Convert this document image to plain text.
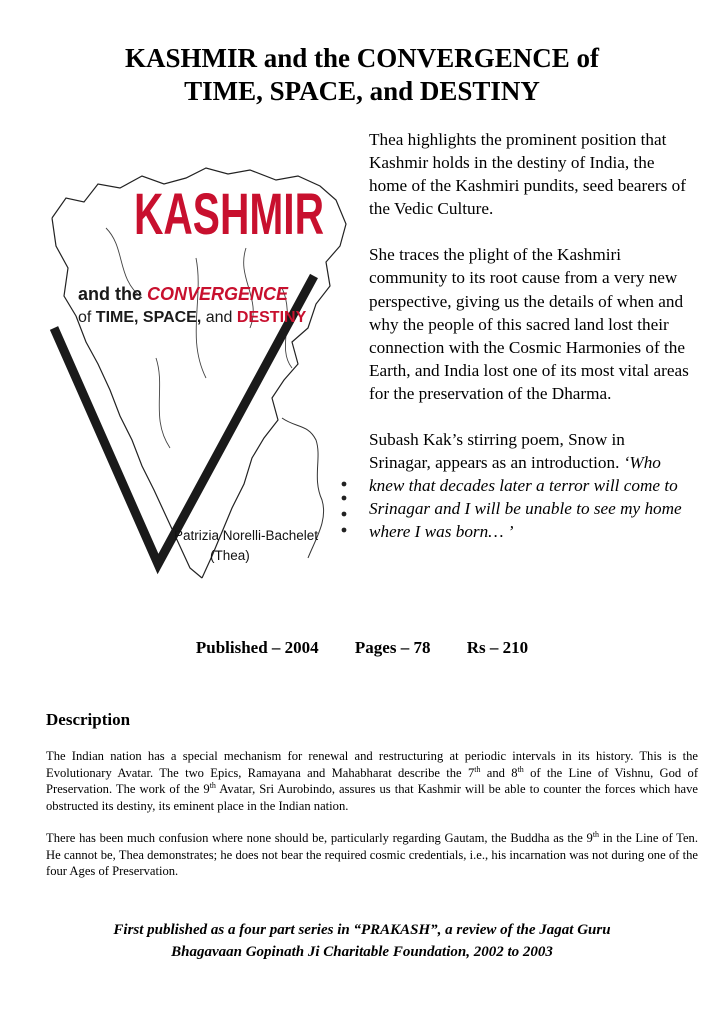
KASHMIR and the CONVERGENCE of
TIME, SPACE, and DESTINY
KASHMIR
and the CONVERGENCE
of TIME, SPACE, and DESTINY
Patrizia Norelli-Bachelet
(Thea)

Thea highlights the prominent position that Kashmir holds in the destiny of India, the home of the Kashmiri pundits, seed bearers of the Vedic Culture.

She traces the plight of the Kashmiri community to its root cause from a very new perspective, giving us the details of when and why the people of this sacred land lost their connection with the Cosmic Harmonies of the Earth, and India lost one of its most vital areas for the preservation of the Dharma.

Subash Kak’s stirring poem, Snow in Srinagar, appears as an introduction. ‘Who knew that decades later a terror will come to Srinagar and I will be unable to see my home where I was born… ’

Published – 2004 Pages – 78 Rs – 210
Description

The Indian nation has a special mechanism for renewal and restructuring at periodic intervals in its history. This is the Evolutionary Avatar. The two Epics, Ramayana and Mahabharat describe the 7th and 8th of the Line of Vishnu, God of Preservation. The work of the 9th Avatar, Sri Aurobindo, assures us that Kashmir will be able to counter the forces which have obstructed its destiny, its eminent place in the Indian nation.

There has been much confusion where none should be, particularly regarding Gautam, the Buddha as the 9th in the Line of Ten. He cannot be, Thea demonstrates; he does not bear the required cosmic credentials, i.e., his incarnation was not during one of the four Ages of Preservation.

First published as a four part series in “PRAKASH”, a review of the Jagat Guru
Bhagavaan Gopinath Ji Charitable Foundation, 2002 to 2003
